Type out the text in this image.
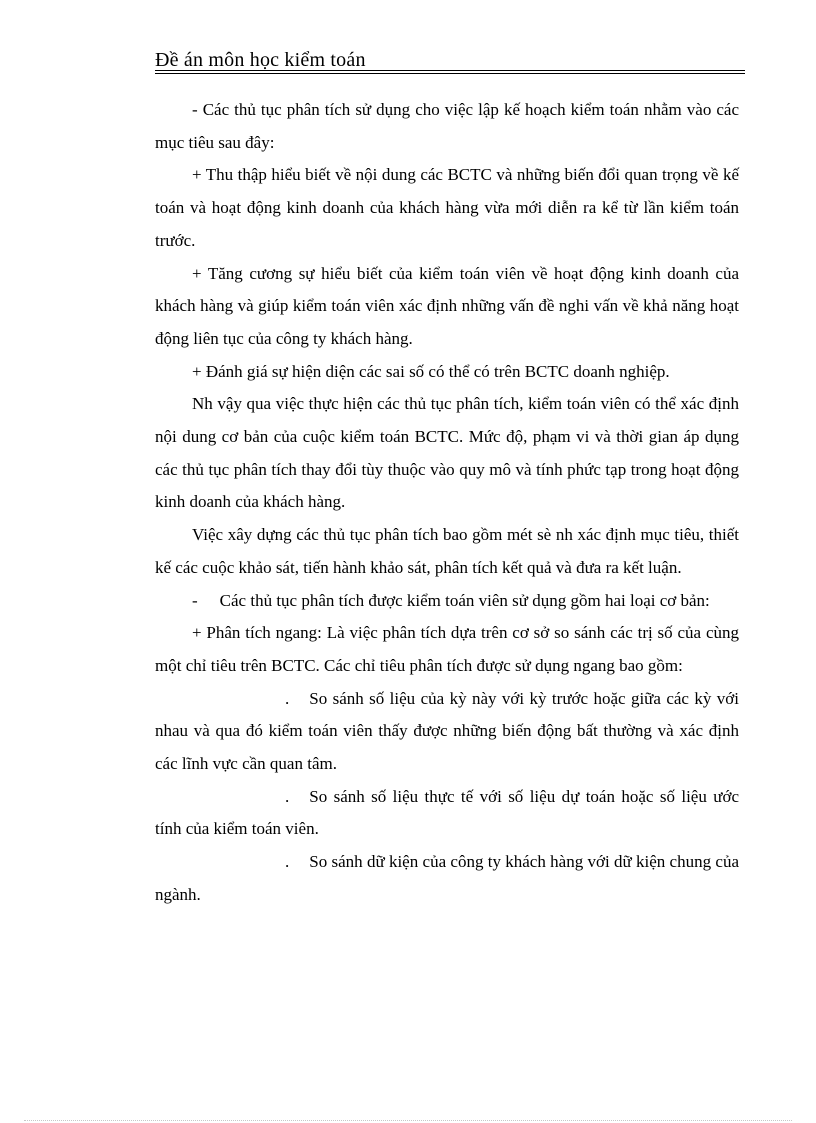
Đề án môn học kiểm toán

- Các thủ tục phân tích sử dụng cho việc lập kế hoạch kiểm toán nhằm vào các mục tiêu sau đây:

+ Thu thập hiểu biết về nội dung các BCTC và những biến đổi quan trọng về kế toán và hoạt động kinh doanh của khách hàng vừa mới diễn ra kể từ lần kiểm toán trước.

+ Tăng cương sự hiểu biết của kiểm toán viên về hoạt động kinh doanh của khách hàng và giúp kiểm toán viên xác định những vấn đề nghi vấn về khả năng hoạt động liên tục của công ty khách hàng.

+ Đánh giá sự hiện diện các sai số có thể có trên BCTC doanh nghiệp.

Nh vậy qua việc thực hiện các thủ tục phân tích, kiểm toán viên có thể xác định nội dung cơ bản của cuộc kiểm toán BCTC. Mức độ, phạm vi và thời gian áp dụng các thủ tục phân tích thay đổi tùy thuộc vào quy mô và tính phức tạp trong hoạt động kinh doanh của khách hàng.

Việc xây dựng các thủ tục phân tích bao gồm mét sè nh xác định mục tiêu, thiết kế các cuộc khảo sát, tiến hành khảo sát, phân tích kết quả và đưa ra kết luận.

- Các thủ tục phân tích được kiểm toán viên sử dụng gồm hai loại cơ bản:

+ Phân tích ngang: Là việc phân tích dựa trên cơ sở so sánh các trị số của cùng một chỉ tiêu trên BCTC. Các chỉ tiêu phân tích được sử dụng ngang bao gồm:

. So sánh số liệu của kỳ này với kỳ trước hoặc giữa các kỳ với nhau và qua đó kiểm toán viên thấy được những biến động bất thường và xác định các lĩnh vực cần quan tâm.

. So sánh số liệu thực tế với số liệu dự toán hoặc số liệu ước tính của kiểm toán viên.

. So sánh dữ kiện của công ty khách hàng với dữ kiện chung của ngành.
